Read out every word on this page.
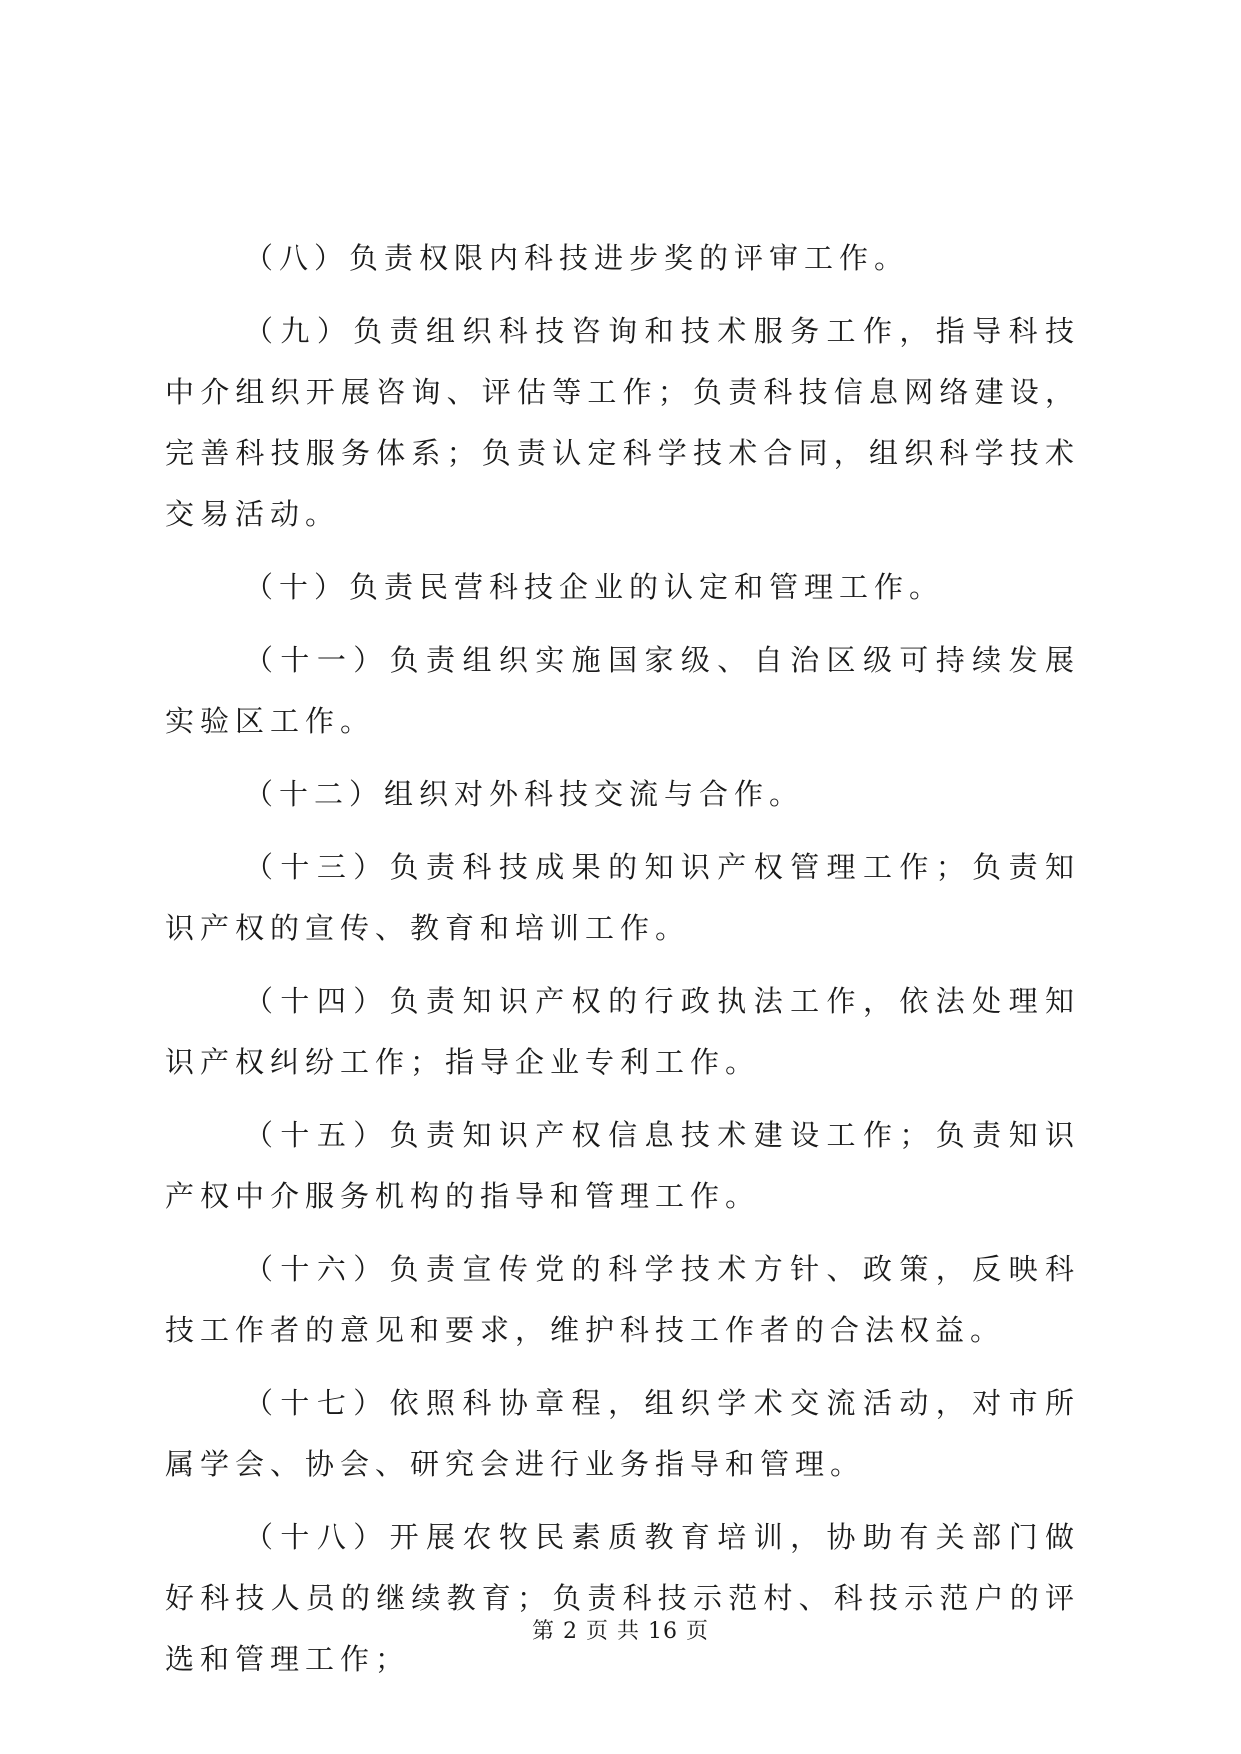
（八）负责权限内科技进步奖的评审工作。

（九）负责组织科技咨询和技术服务工作，指导科技中介组织开展咨询、评估等工作；负责科技信息网络建设，完善科技服务体系；负责认定科学技术合同，组织科学技术交易活动。

（十）负责民营科技企业的认定和管理工作。

（十一）负责组织实施国家级、自治区级可持续发展实验区工作。

（十二）组织对外科技交流与合作。

（十三）负责科技成果的知识产权管理工作；负责知识产权的宣传、教育和培训工作。

（十四）负责知识产权的行政执法工作，依法处理知识产权纠纷工作；指导企业专利工作。

（十五）负责知识产权信息技术建设工作；负责知识产权中介服务机构的指导和管理工作。

（十六）负责宣传党的科学技术方针、政策，反映科技工作者的意见和要求，维护科技工作者的合法权益。

（十七）依照科协章程，组织学术交流活动，对市所属学会、协会、研究会进行业务指导和管理。

（十八）开展农牧民素质教育培训，协助有关部门做好科技人员的继续教育；负责科技示范村、科技示范户的评选和管理工作；

第 2 页 共 16 页
